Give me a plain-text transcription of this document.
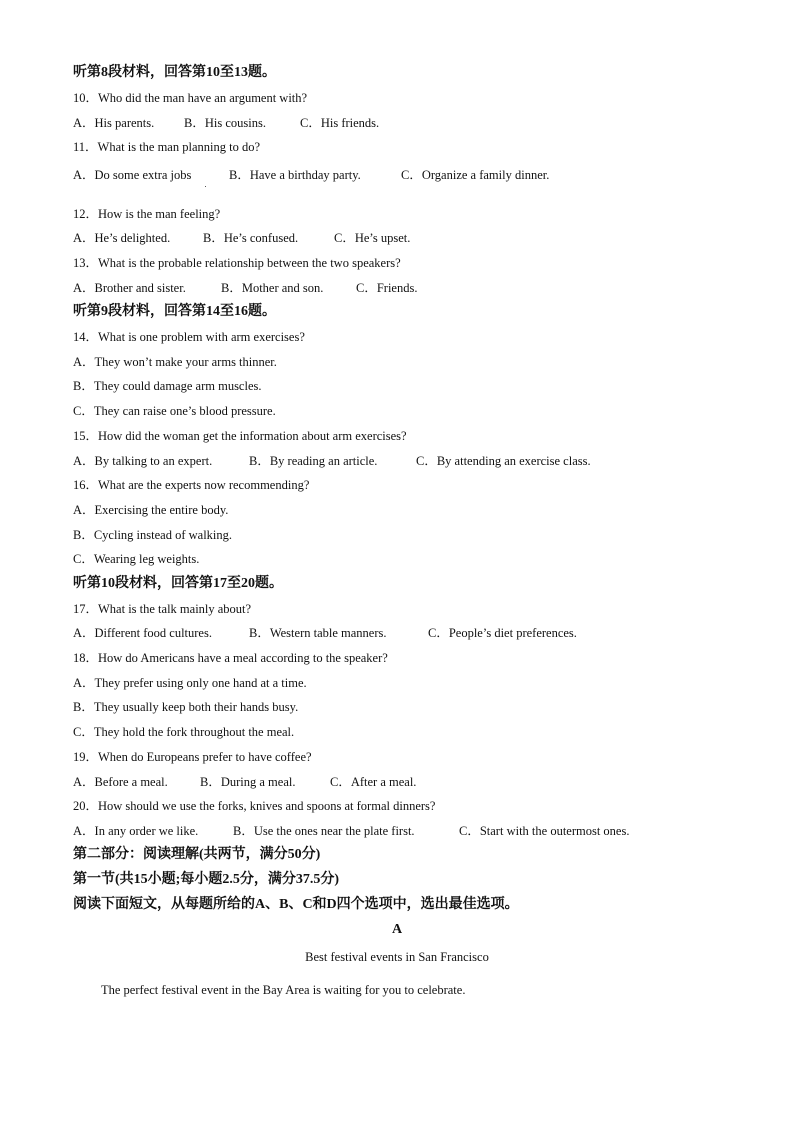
听第8段材料，回答第10至13题。
10．Who did the man have an argument with?

A．His parents.

B．His cousins.

	C．His friends.

11．What is the man planning to do?

A．Do some extra jobs

	B．Have a birthday party.

	C．Organize a family dinner.

12．How is the man feeling?

A．He’s delighted.

	B．He’s confused.

	C．He’s upset.

13．What is the probable relationship between the two speakers?

A．Brother and sister.

	B．Mother and son.

	C．Friends.

听第9段材料，回答第14至16题。
14．What is one problem with arm exercises?
A．They won’t make your arms thinner.
B．They could damage arm muscles.
C．They can raise one’s blood pressure.
15．How did the woman get the information about arm exercises?

A．By talking to an expert.

	B．By reading an article.

	C．By attending an exercise class.

16．What are the experts now recommending?
A．Exercising the entire body.
B．Cycling instead of walking.
C．Wearing leg weights.
听第10段材料，回答第17至20题。
17．What is the talk mainly about?

A．Different food cultures.

	B．Western table manners.

	C．People’s diet preferences.

18．How do Americans have a meal according to the speaker?
A．They prefer using only one hand at a time.
B．They usually keep both their hands busy.
C．They hold the fork throughout the meal.
19．When do Europeans prefer to have coffee?

A．Before a meal.

	B．During a meal.

	C．After a meal.

20．How should we use the forks, knives and spoons at formal dinners?

A．In any order we like.

	B．Use the ones near the plate first.

	C．Start with the outermost ones.

第二部分：阅读理解(共两节，满分50分)
第一节(共15小题;每小题2.5分，满分37.5分)
阅读下面短文，从每题所给的A、B、C和D四个选项中，选出最佳选项。
A
Best festival events in San Francisco
The perfect festival event in the Bay Area is waiting for you to celebrate.
